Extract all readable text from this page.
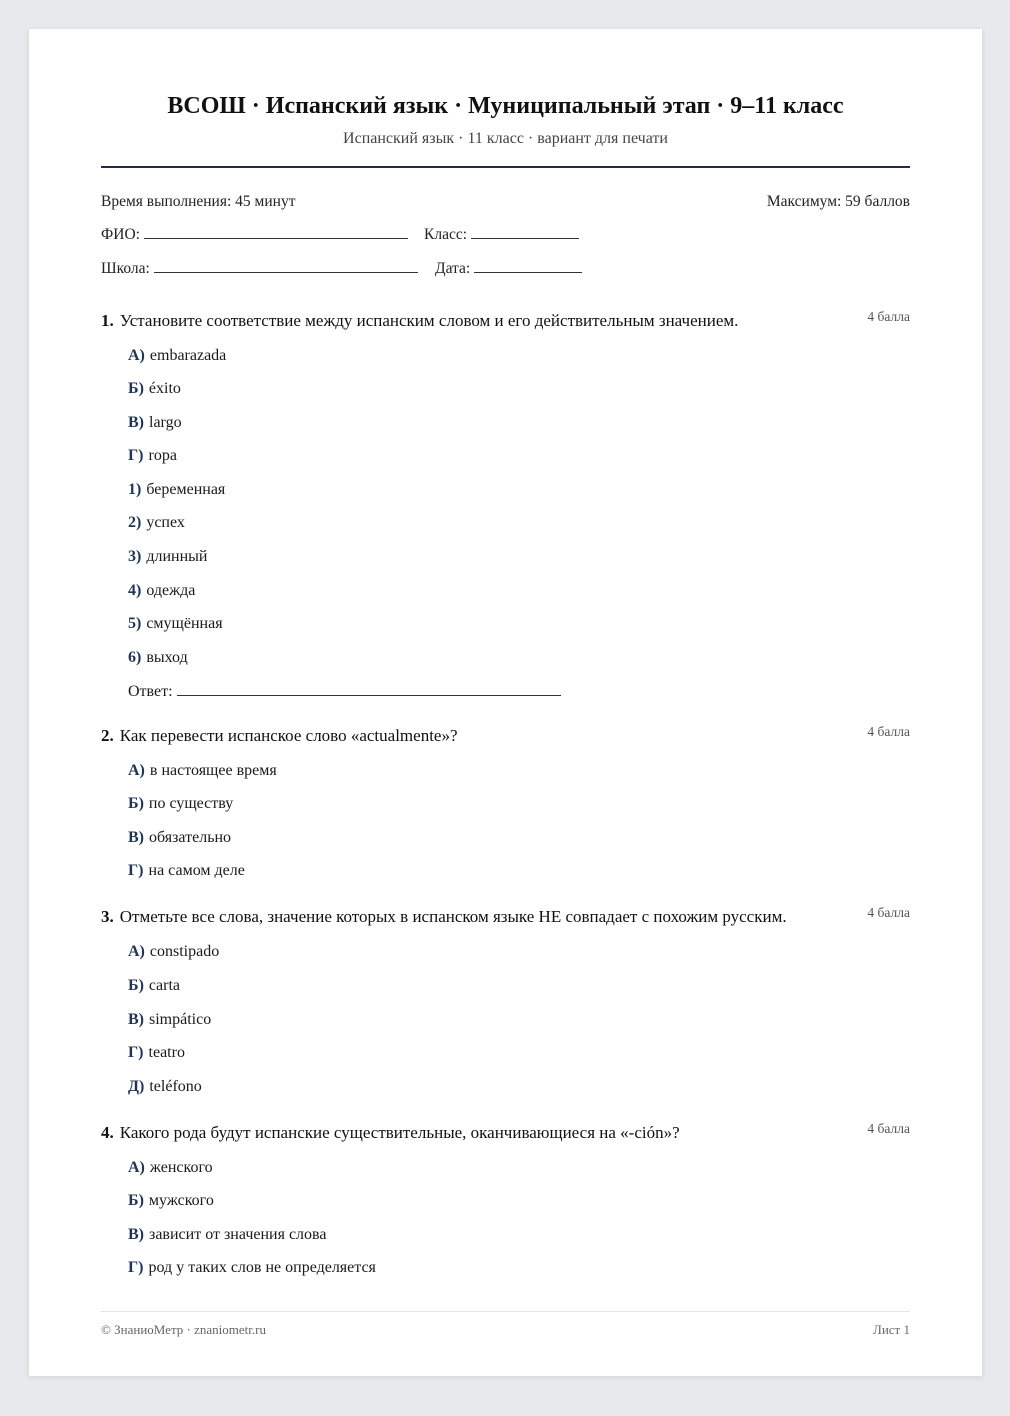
ВСОШ · Испанский язык · Муниципальный этап · 9–11 класс
Испанский язык · 11 класс · вариант для печати
Время выполнения: 45 минут	Максимум: 59 баллов
ФИО:	Класс:
Школа:	Дата:
1. Установите соответствие между испанским словом и его действительным значением.	4 балла
А) embarazada
Б) éxito
В) largo
Г) ropa
1) беременная
2) успех
3) длинный
4) одежда
5) смущённая
6) выход
Ответ:
2. Как перевести испанское слово «actualmente»?	4 балла
А) в настоящее время
Б) по существу
В) обязательно
Г) на самом деле
3. Отметьте все слова, значение которых в испанском языке НЕ совпадает с похожим русским.	4 балла
А) constipado
Б) carta
В) simpático
Г) teatro
Д) teléfono
4. Какого рода будут испанские существительные, оканчивающиеся на «-ción»?	4 балла
А) женского
Б) мужского
В) зависит от значения слова
Г) род у таких слов не определяется
© ЗнаниоМетр · znaniometr.ru	Лист 1
